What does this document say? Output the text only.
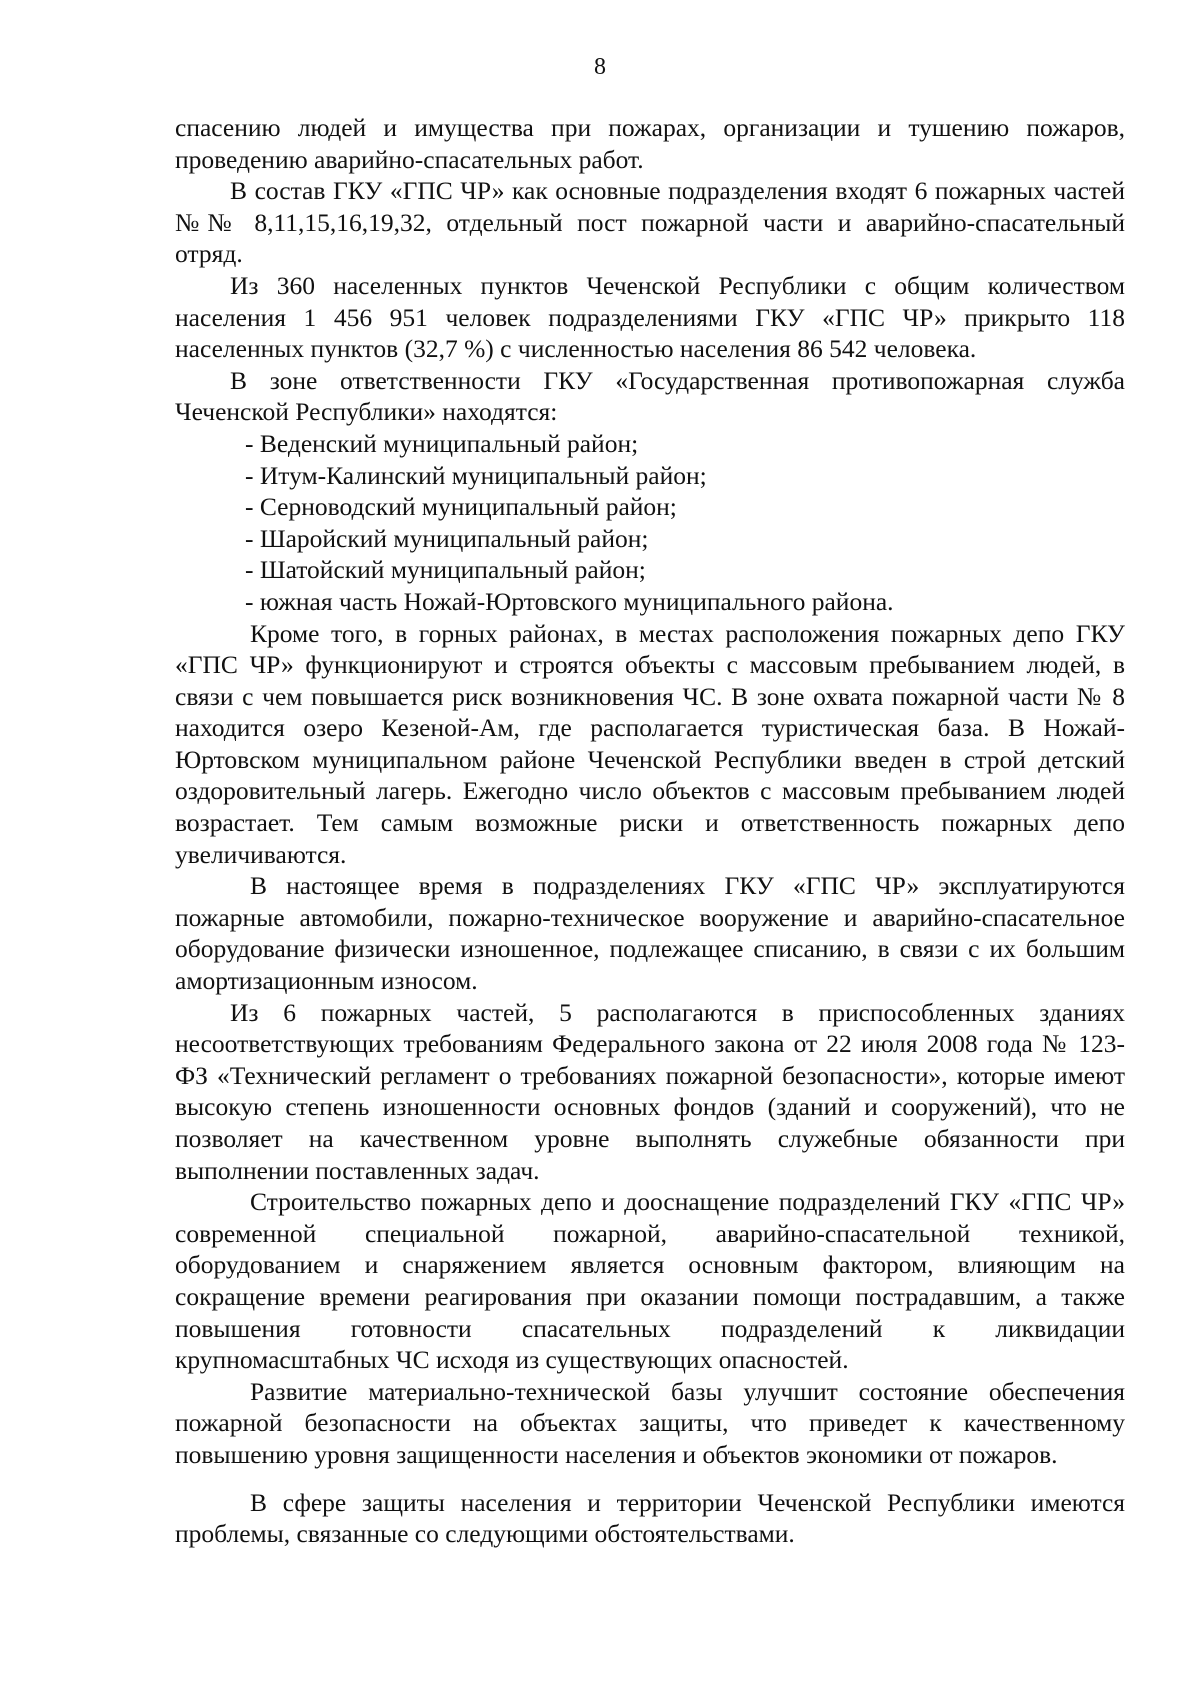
8

спасению людей и имущества при пожарах, организации и тушению пожаров, проведению аварийно-спасательных работ.

В состав ГКУ «ГПС ЧР» как основные подразделения входят 6 пожарных частей №№ 8,11,15,16,19,32, отдельный пост пожарной части и аварийно-спасательный отряд.

Из 360 населенных пунктов Чеченской Республики с общим количеством населения 1 456 951 человек подразделениями ГКУ «ГПС ЧР» прикрыто 118 населенных пунктов (32,7 %) с численностью населения 86 542 человека.

В зоне ответственности ГКУ «Государственная противопожарная служба Чеченской Республики» находятся:

- Веденский муниципальный район;
- Итум-Калинский муниципальный район;
- Серноводский муниципальный район;
- Шаройский муниципальный район;
- Шатойский муниципальный район;
- южная часть Ножай-Юртовского муниципального района.

Кроме того, в горных районах, в местах расположения пожарных депо ГКУ «ГПС ЧР» функционируют и строятся объекты с массовым пребыванием людей, в связи с чем повышается риск возникновения ЧС. В зоне охвата пожарной части № 8 находится озеро Кезеной-Ам, где располагается туристическая база. В Ножай-Юртовском муниципальном районе Чеченской Республики введен в строй детский оздоровительный лагерь. Ежегодно число объектов с массовым пребыванием людей возрастает. Тем самым возможные риски и ответственность пожарных депо увеличиваются.

В настоящее время в подразделениях ГКУ «ГПС ЧР» эксплуатируются пожарные автомобили, пожарно-техническое вооружение и аварийно-спасательное оборудование физически изношенное, подлежащее списанию, в связи с их большим амортизационным износом.

Из 6 пожарных частей, 5 располагаются в приспособленных зданиях несоответствующих требованиям Федерального закона от 22 июля 2008 года № 123-ФЗ «Технический регламент о требованиях пожарной безопасности», которые имеют высокую степень изношенности основных фондов (зданий и сооружений), что не позволяет на качественном уровне выполнять служебные обязанности при выполнении поставленных задач.

Строительство пожарных депо и дооснащение подразделений ГКУ «ГПС ЧР» современной специальной пожарной, аварийно-спасательной техникой, оборудованием и снаряжением является основным фактором, влияющим на сокращение времени реагирования при оказании помощи пострадавшим, а также повышения готовности спасательных подразделений к ликвидации крупномасштабных ЧС исходя из существующих опасностей.

Развитие материально-технической базы улучшит состояние обеспечения пожарной безопасности на объектах защиты, что приведет к качественному повышению уровня защищенности населения и объектов экономики от пожаров.

В сфере защиты населения и территории Чеченской Республики имеются проблемы, связанные со следующими обстоятельствами.
